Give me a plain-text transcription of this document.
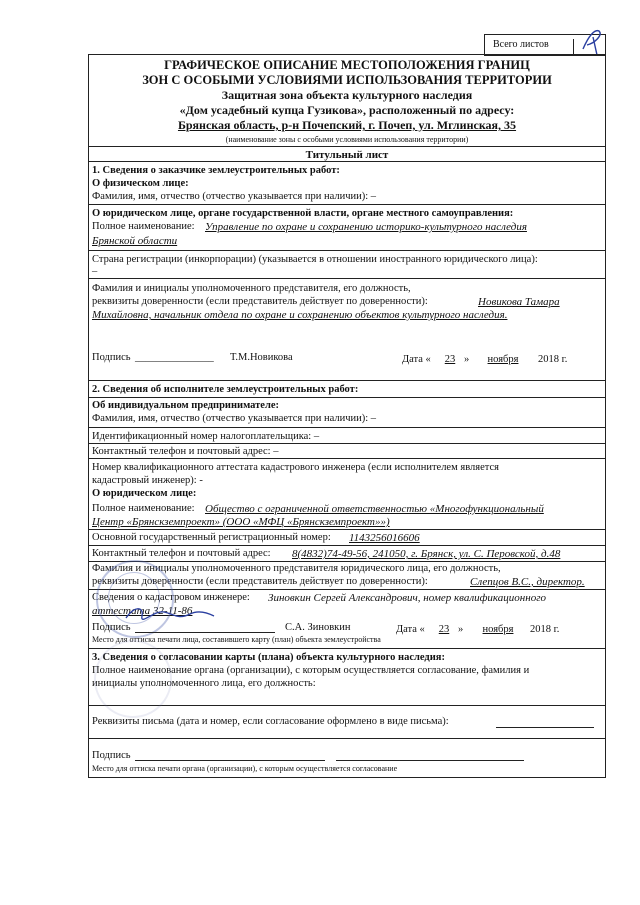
Всего листов
ГРАФИЧЕСКОЕ ОПИСАНИЕ МЕСТОПОЛОЖЕНИЯ ГРАНИЦ
ЗОН С ОСОБЫМИ УСЛОВИЯМИ ИСПОЛЬЗОВАНИЯ ТЕРРИТОРИИ
Защитная зона объекта культурного наследия
«Дом усадебный купца Гузикова», расположенный по адресу:
Брянская область, р-н Почепский, г. Почеп, ул. Мглинская, 35
(наименование зоны с особыми условиями использования территории)
Титульный лист
1. Сведения о заказчике землеустроительных работ:
О физическом лице:
Фамилия, имя, отчество (отчество указывается при наличии): –
О юридическом лице, органе государственной власти, органе местного самоуправления:
Полное наименование: Управление по охране и сохранению историко-культурного наследия
Брянской области
Страна регистрации (инкорпорации) (указывается в отношении иностранного юридического лица):
–
Фамилия и инициалы уполномоченного представителя, его должность,
реквизиты доверенности (если представитель действует по доверенности):	Новикова Тамара
Михайловна, начальник отдела по охране и сохранению объектов культурного наследия.
Подпись _______________ Т.М.Новикова	Дата «	23 »	ноября	2018 г.
2. Сведения об исполнителе землеустроительных работ:
Об индивидуальном предпринимателе:
Фамилия, имя, отчество (отчество указывается при наличии): –
Идентификационный номер налогоплательщика: –
Контактный телефон и почтовый адрес: –
Номер квалификационного аттестата кадастрового инженера (если исполнителем является
кадастровый инженер): -
О юридическом лице:
Полное наименование: Общество с ограниченной ответственностью «Многофункциональный
Центр «Брянскземпроект» (ООО «МФЦ «Брянскземпроект»»)
Основной государственный регистрационный номер: 1143256016606
Контактный телефон и почтовый адрес: 8(4832)74-49-56, 241050, г. Брянск, ул. С. Перовской, д.48
Фамилия и инициалы уполномоченного представителя юридического лица, его должность,
реквизиты доверенности (если представитель действует по доверенности):	Слепцов В.С., директор.
Сведения о кадастровом инженере: Зиновкин Сергей Александрович, номер квалификационного
аттестата 32-11-86
Подпись	С.А. Зиновкин	Дата «	23 »	ноября	2018 г.
Место для оттиска печати лица, составившего карту (план) объекта землеустройства
3. Сведения о согласовании карты (плана) объекта культурного наследия:
Полное наименование органа (организации), с которым осуществляется согласование, фамилия и
инициалы уполномоченного лица, его должность:
Реквизиты письма (дата и номер, если согласование оформлено в виде письма):
Подпись
Место для оттиска печати органа (организации), с которым осуществляется согласование
